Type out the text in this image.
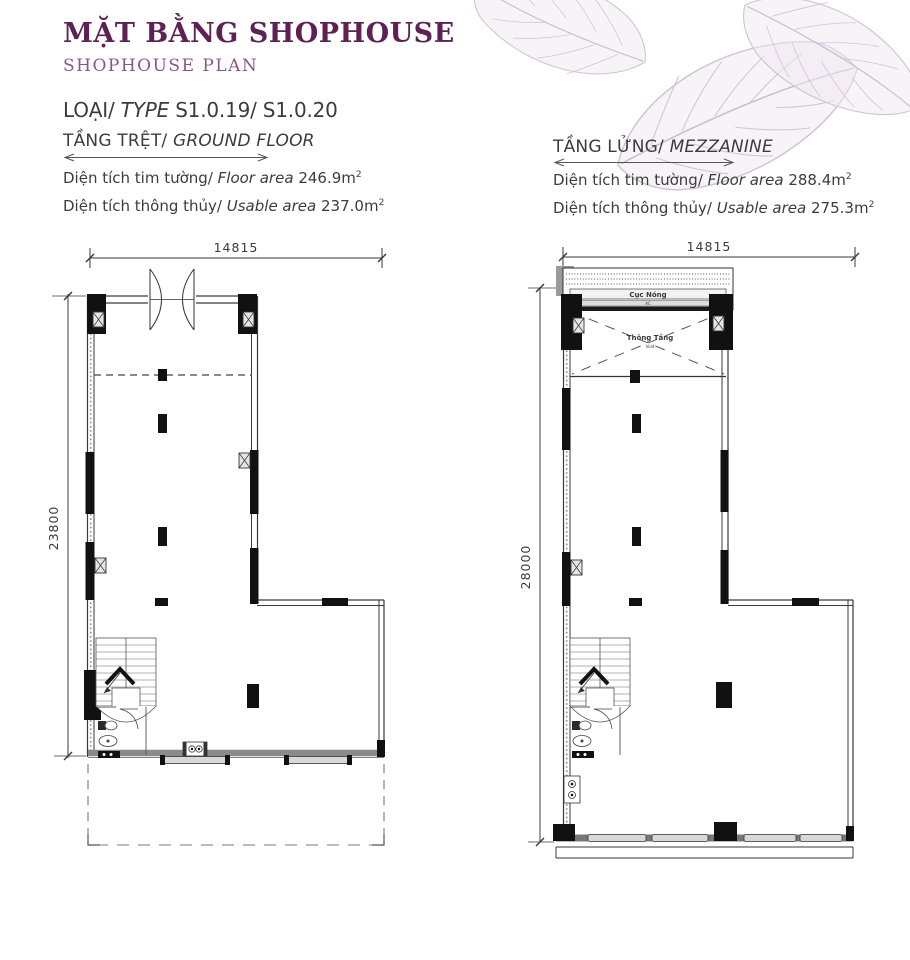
MẶT BẰNG SHOPHOUSE
SHOPHOUSE PLAN
LOẠI/ TYPE S1.0.19/ S1.0.20
TẦNG TRỆT/ GROUND FLOOR
Diện tích tim tường/ Floor area $246.9m^2$
Diện tích thông thủy/ Usable area $237.0m^2$
TẦNG LỬNG/ MEZZANINE
Diện tích tim tường/ Floor area $288.4m^2$
Diện tích thông thủy/ Usable area $275.3m^2$
14815
23800
14815
28000
Cục Nóng
AC
Thông Tầng
Void
